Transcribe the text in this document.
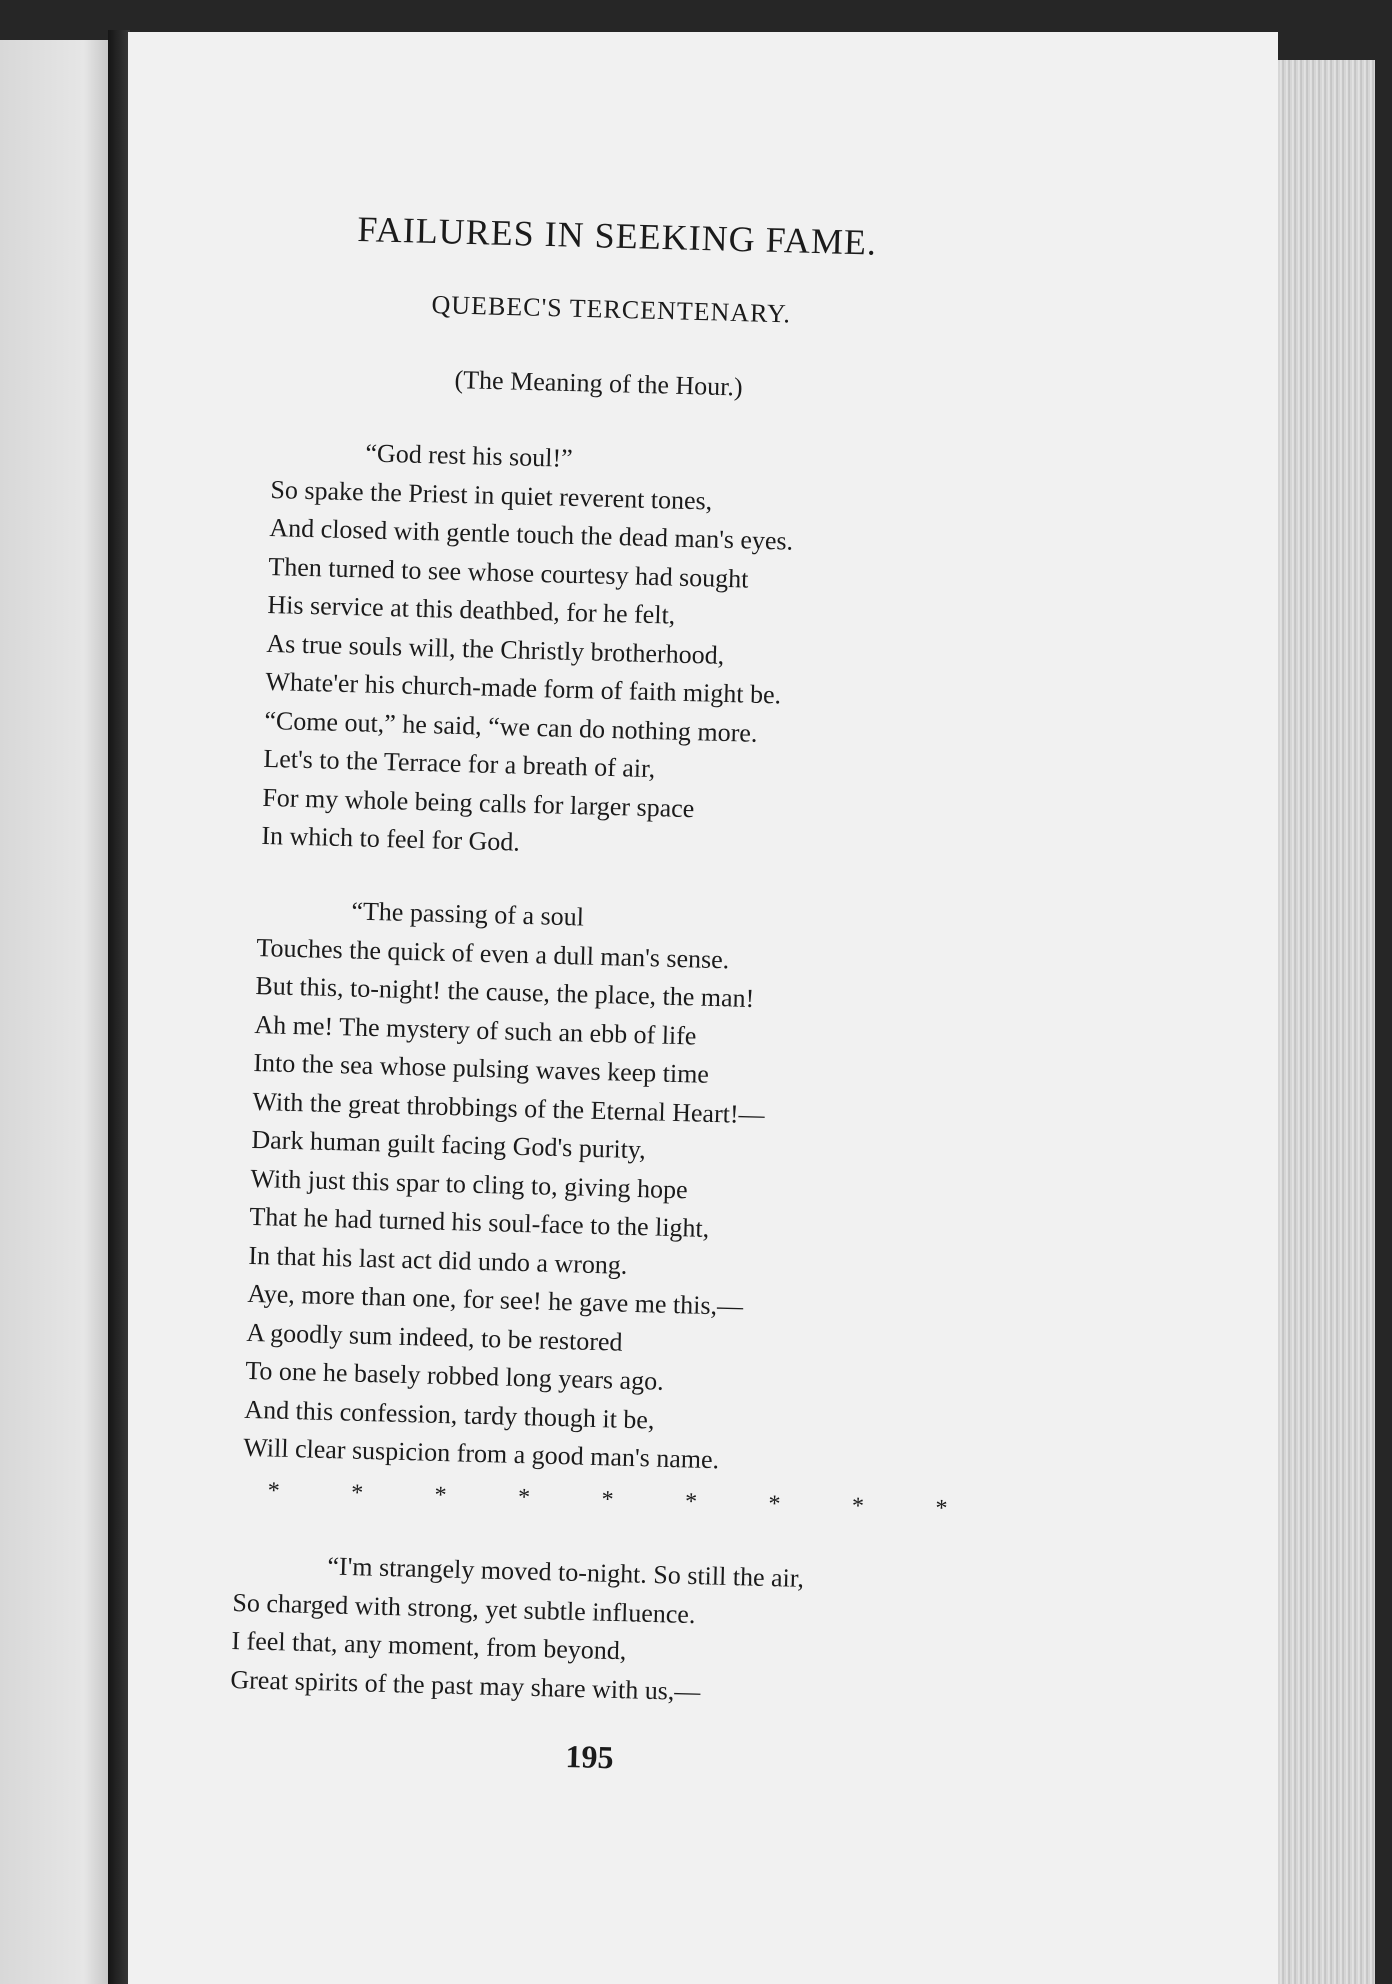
FAILURES IN SEEKING FAME.
QUEBEC'S TERCENTENARY.
(The Meaning of the Hour.)
“God rest his soul!”
So spake the Priest in quiet reverent tones,
And closed with gentle touch the dead man's eyes.
Then turned to see whose courtesy had sought
His service at this deathbed, for he felt,
As true souls will, the Christly brotherhood,
Whate'er his church-made form of faith might be.
“Come out,” he said, “we can do nothing more.
Let's to the Terrace for a breath of air,
For my whole being calls for larger space
In which to feel for God.
“The passing of a soul
Touches the quick of even a dull man's sense.
But this, to-night! the cause, the place, the man!
Ah me! The mystery of such an ebb of life
Into the sea whose pulsing waves keep time
With the great throbbings of the Eternal Heart!—
Dark human guilt facing God's purity,
With just this spar to cling to, giving hope
That he had turned his soul-face to the light,
In that his last act did undo a wrong.
Aye, more than one, for see! he gave me this,—
A goodly sum indeed, to be restored
To one he basely robbed long years ago.
And this confession, tardy though it be,
Will clear suspicion from a good man's name.
*	*	*	*	*	*	*	*	*
“I'm strangely moved to-night. So still the air,
So charged with strong, yet subtle influence.
I feel that, any moment, from beyond,
Great spirits of the past may share with us,—
195
